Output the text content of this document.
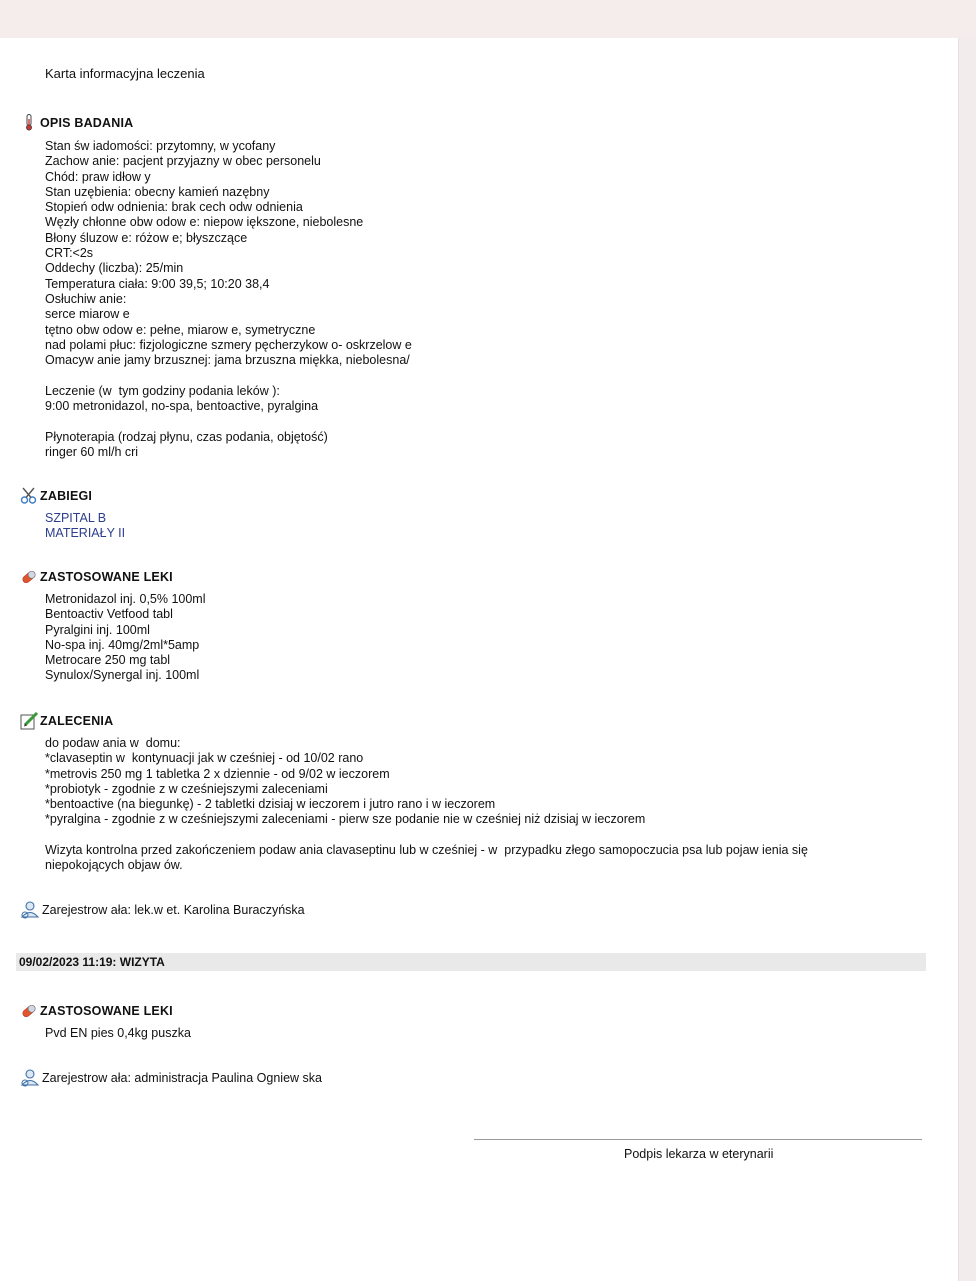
Karta informacyjna leczenia
OPIS BADANIA
Stan św iadomości: przytomny, w ycofany
Zachow anie: pacjent przyjazny w obec personelu
Chód: praw idłow y
Stan uzębienia: obecny kamień nazębny
Stopień odw odnienia: brak cech odw odnienia
Węzły chłonne obw odow e: niepow iększone, niebolesne
Błony śluzow e: różow e; błyszczące
CRT:<2s
Oddechy (liczba): 25/min
Temperatura ciała: 9:00 39,5; 10:20 38,4
Osłuchiw anie:
serce miarow e
tętno obw odow e: pełne, miarow e, symetryczne
nad polami płuc: fizjologiczne szmery pęcherzykow o- oskrzelow e
Omacyw anie jamy brzusznej: jama brzuszna miękka, niebolesna/
Leczenie (w  tym godziny podania leków ):
9:00 metronidazol, no-spa, bentoactive, pyralgina
Płynoterapia (rodzaj płynu, czas podania, objętość)
ringer 60 ml/h cri
ZABIEGI
SZPITAL B
MATERIAŁY II
ZASTOSOWANE LEKI
Metronidazol inj. 0,5% 100ml
Bentoactiv Vetfood tabl
Pyralgini inj. 100ml
No-spa inj. 40mg/2ml*5amp
Metrocare 250 mg tabl
Synulox/Synergal inj. 100ml
ZALECENIA
do podaw ania w  domu:
*clavaseptin w  kontynuacji jak w cześniej - od 10/02 rano
*metrovis 250 mg 1 tabletka 2 x dziennie - od 9/02 w ieczorem
*probiotyk - zgodnie z w cześniejszymi zaleceniami
*bentoactive (na biegunkę) - 2 tabletki dzisiaj w ieczorem i jutro rano i w ieczorem
*pyralgina - zgodnie z w cześniejszymi zaleceniami - pierw sze podanie nie w cześniej niż dzisiaj w ieczorem
Wizyta kontrolna przed zakończeniem podaw ania clavaseptinu lub w cześniej - w  przypadku złego samopoczucia psa lub pojaw ienia się
niepokojących objaw ów.
Zarejestrow ała: lek.w et. Karolina Buraczyńska
09/02/2023 11:19: WIZYTA
ZASTOSOWANE LEKI
Pvd EN pies 0,4kg puszka
Zarejestrow ała: administracja Paulina Ogniew ska
Podpis lekarza w eterynarii
